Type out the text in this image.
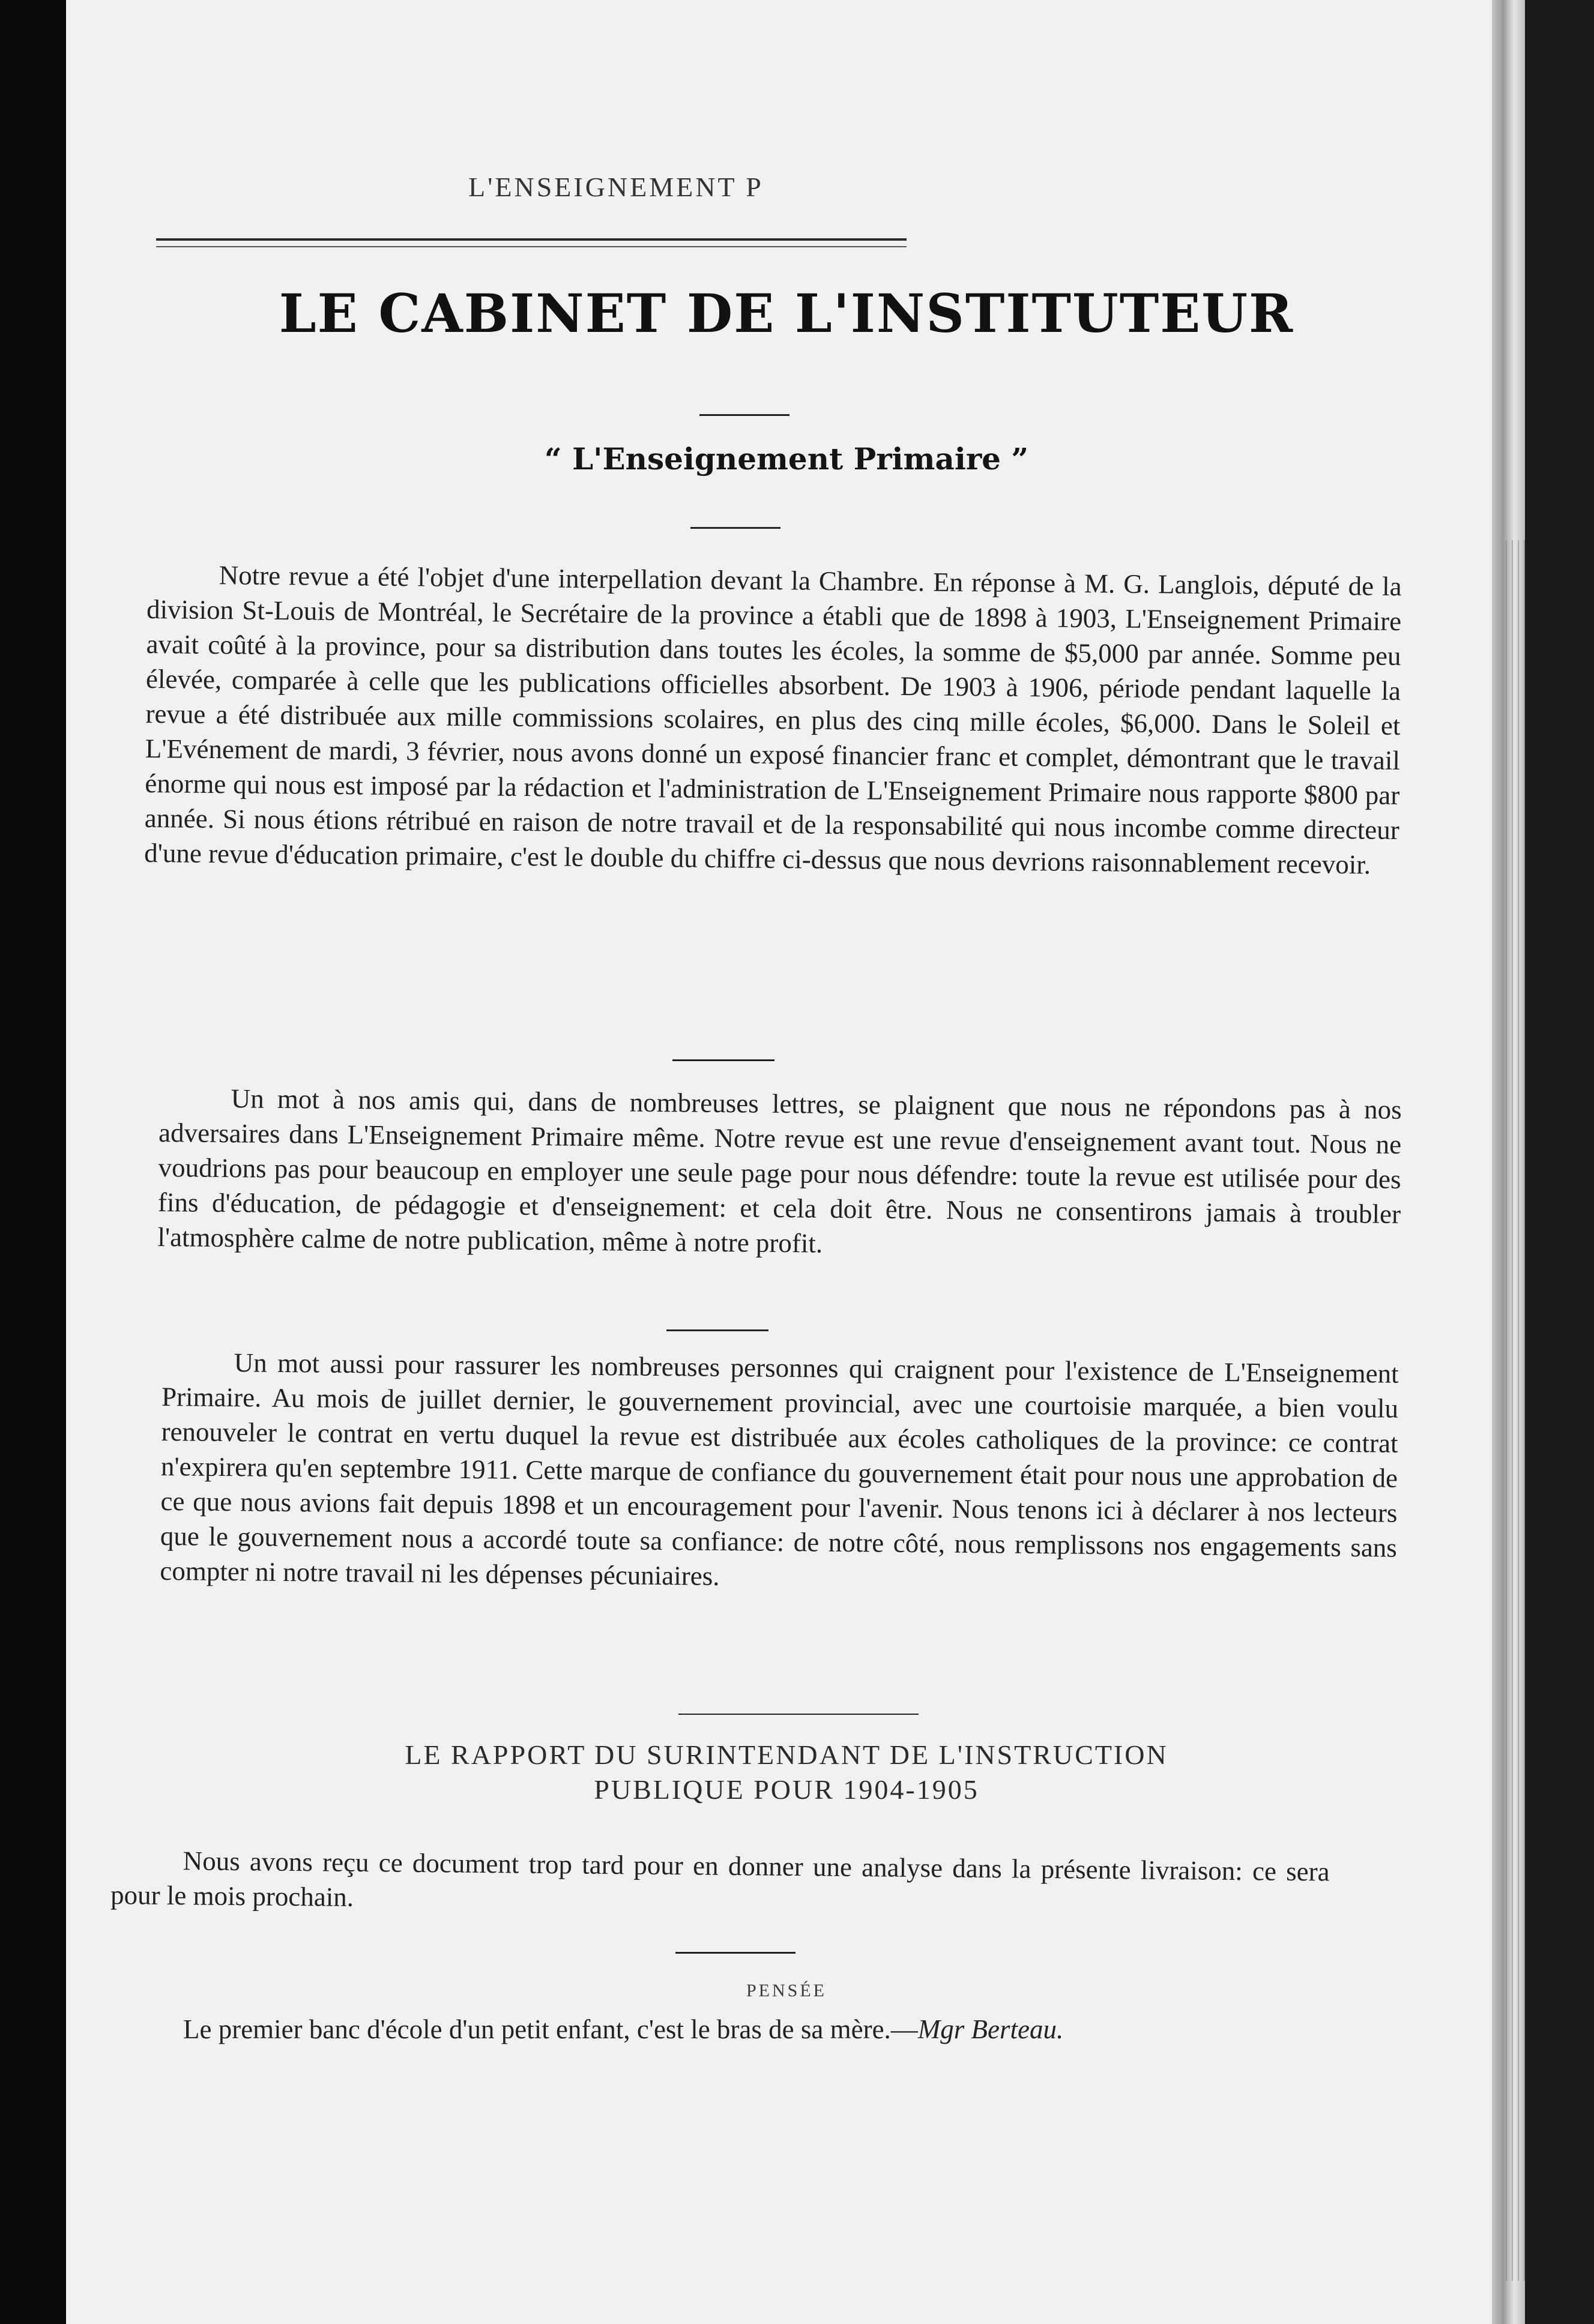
L'ENSEIGNEMENT P
LE CABINET DE L'INSTITUTEUR
“ L'Enseignement Primaire ”

Notre revue a été l'objet d'une interpellation devant la Chambre. En réponse à M. G. Langlois, député de la division St-Louis de Montréal, le Secrétaire de la province a établi que de 1898 à 1903, L'Enseignement Primaire avait coûté à la province, pour sa distribution dans toutes les écoles, la somme de $5,000 par année. Somme peu élevée, comparée à celle que les publications officielles absorbent. De 1903 à 1906, période pendant laquelle la revue a été distribuée aux mille commissions scolaires, en plus des cinq mille écoles, $6,000. Dans le Soleil et L'Evénement de mardi, 3 février, nous avons donné un exposé financier franc et complet, démontrant que le travail énorme qui nous est imposé par la rédaction et l'administration de L'Enseignement Primaire nous rapporte $800 par année. Si nous étions rétribué en raison de notre travail et de la responsabilité qui nous incombe comme directeur d'une revue d'éducation primaire, c'est le double du chiffre ci-dessus que nous devrions raisonnablement recevoir.

Un mot à nos amis qui, dans de nombreuses lettres, se plaignent que nous ne répondons pas à nos adversaires dans L'Enseignement Primaire même. Notre revue est une revue d'enseignement avant tout. Nous ne voudrions pas pour beaucoup en employer une seule page pour nous défendre: toute la revue est utilisée pour des fins d'éducation, de pédagogie et d'enseignement: et cela doit être. Nous ne consentirons jamais à troubler l'atmosphère calme de notre publication, même à notre profit.

Un mot aussi pour rassurer les nombreuses personnes qui craignent pour l'existence de L'Enseignement Primaire. Au mois de juillet dernier, le gouvernement provincial, avec une courtoisie marquée, a bien voulu renouveler le contrat en vertu duquel la revue est distribuée aux écoles catholiques de la province: ce contrat n'expirera qu'en septembre 1911. Cette marque de confiance du gouvernement était pour nous une approbation de ce que nous avions fait depuis 1898 et un encouragement pour l'avenir. Nous tenons ici à déclarer à nos lecteurs que le gouvernement nous a accordé toute sa confiance: de notre côté, nous remplissons nos engagements sans compter ni notre travail ni les dépenses pécuniaires.

LE RAPPORT DU SURINTENDANT DE L'INSTRUCTION
PUBLIQUE POUR 1904-1905

Nous avons reçu ce document trop tard pour en donner une analyse dans la présente livraison: ce sera pour le mois prochain.

PENSÉE
Le premier banc d'école d'un petit enfant, c'est le bras de sa mère.—Mgr Berteau.
